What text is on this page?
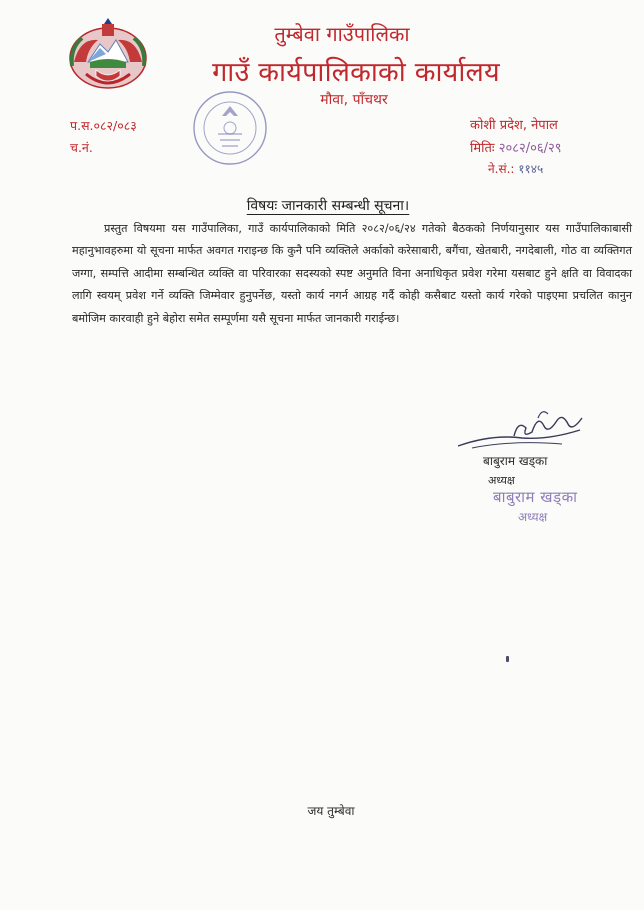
तुम्बेवा गाउँपालिका
गाउँ कार्यपालिकाको कार्यालय
मौवा, पाँचथर
प.स.०८२/०८३
च.नं.
कोशी प्रदेश, नेपाल
मितिः २०८२/०६/२९
ने.सं.: ११४५
विषयः जानकारी सम्बन्धी सूचना।
प्रस्तुत विषयमा यस गाउँपालिका, गाउँ कार्यपालिकाको मिति २०८२/०६/२४ गतेको बैठकको निर्णयानुसार यस गाउँपालिकाबासी महानुभावहरुमा यो सूचना मार्फत अवगत गराइन्छ कि कुनै पनि व्यक्तिले अर्काको करेसाबारी, बगैंचा, खेतबारी, नगदेबाली, गोठ वा व्यक्तिगत जग्गा, सम्पत्ति आदीमा सम्बन्धित व्यक्ति वा परिवारका सदस्यको स्पष्ट अनुमति विना अनाधिकृत प्रवेश गरेमा यसबाट हुने क्षति वा विवादका लागि स्वयम् प्रवेश गर्ने व्यक्ति जिम्मेवार हुनुपर्नेछ, यस्तो कार्य नगर्न आग्रह गर्दै कोही कसैबाट यस्तो कार्य गरेको पाइएमा प्रचलित कानुन बमोजिम कारवाही हुने बेहोरा समेत सम्पूर्णमा यसै सूचना मार्फत जानकारी गराईन्छ।
बाबुराम खड्का
अध्यक्ष
बाबुराम खड्का
अध्यक्ष
जय तुम्बेवा
